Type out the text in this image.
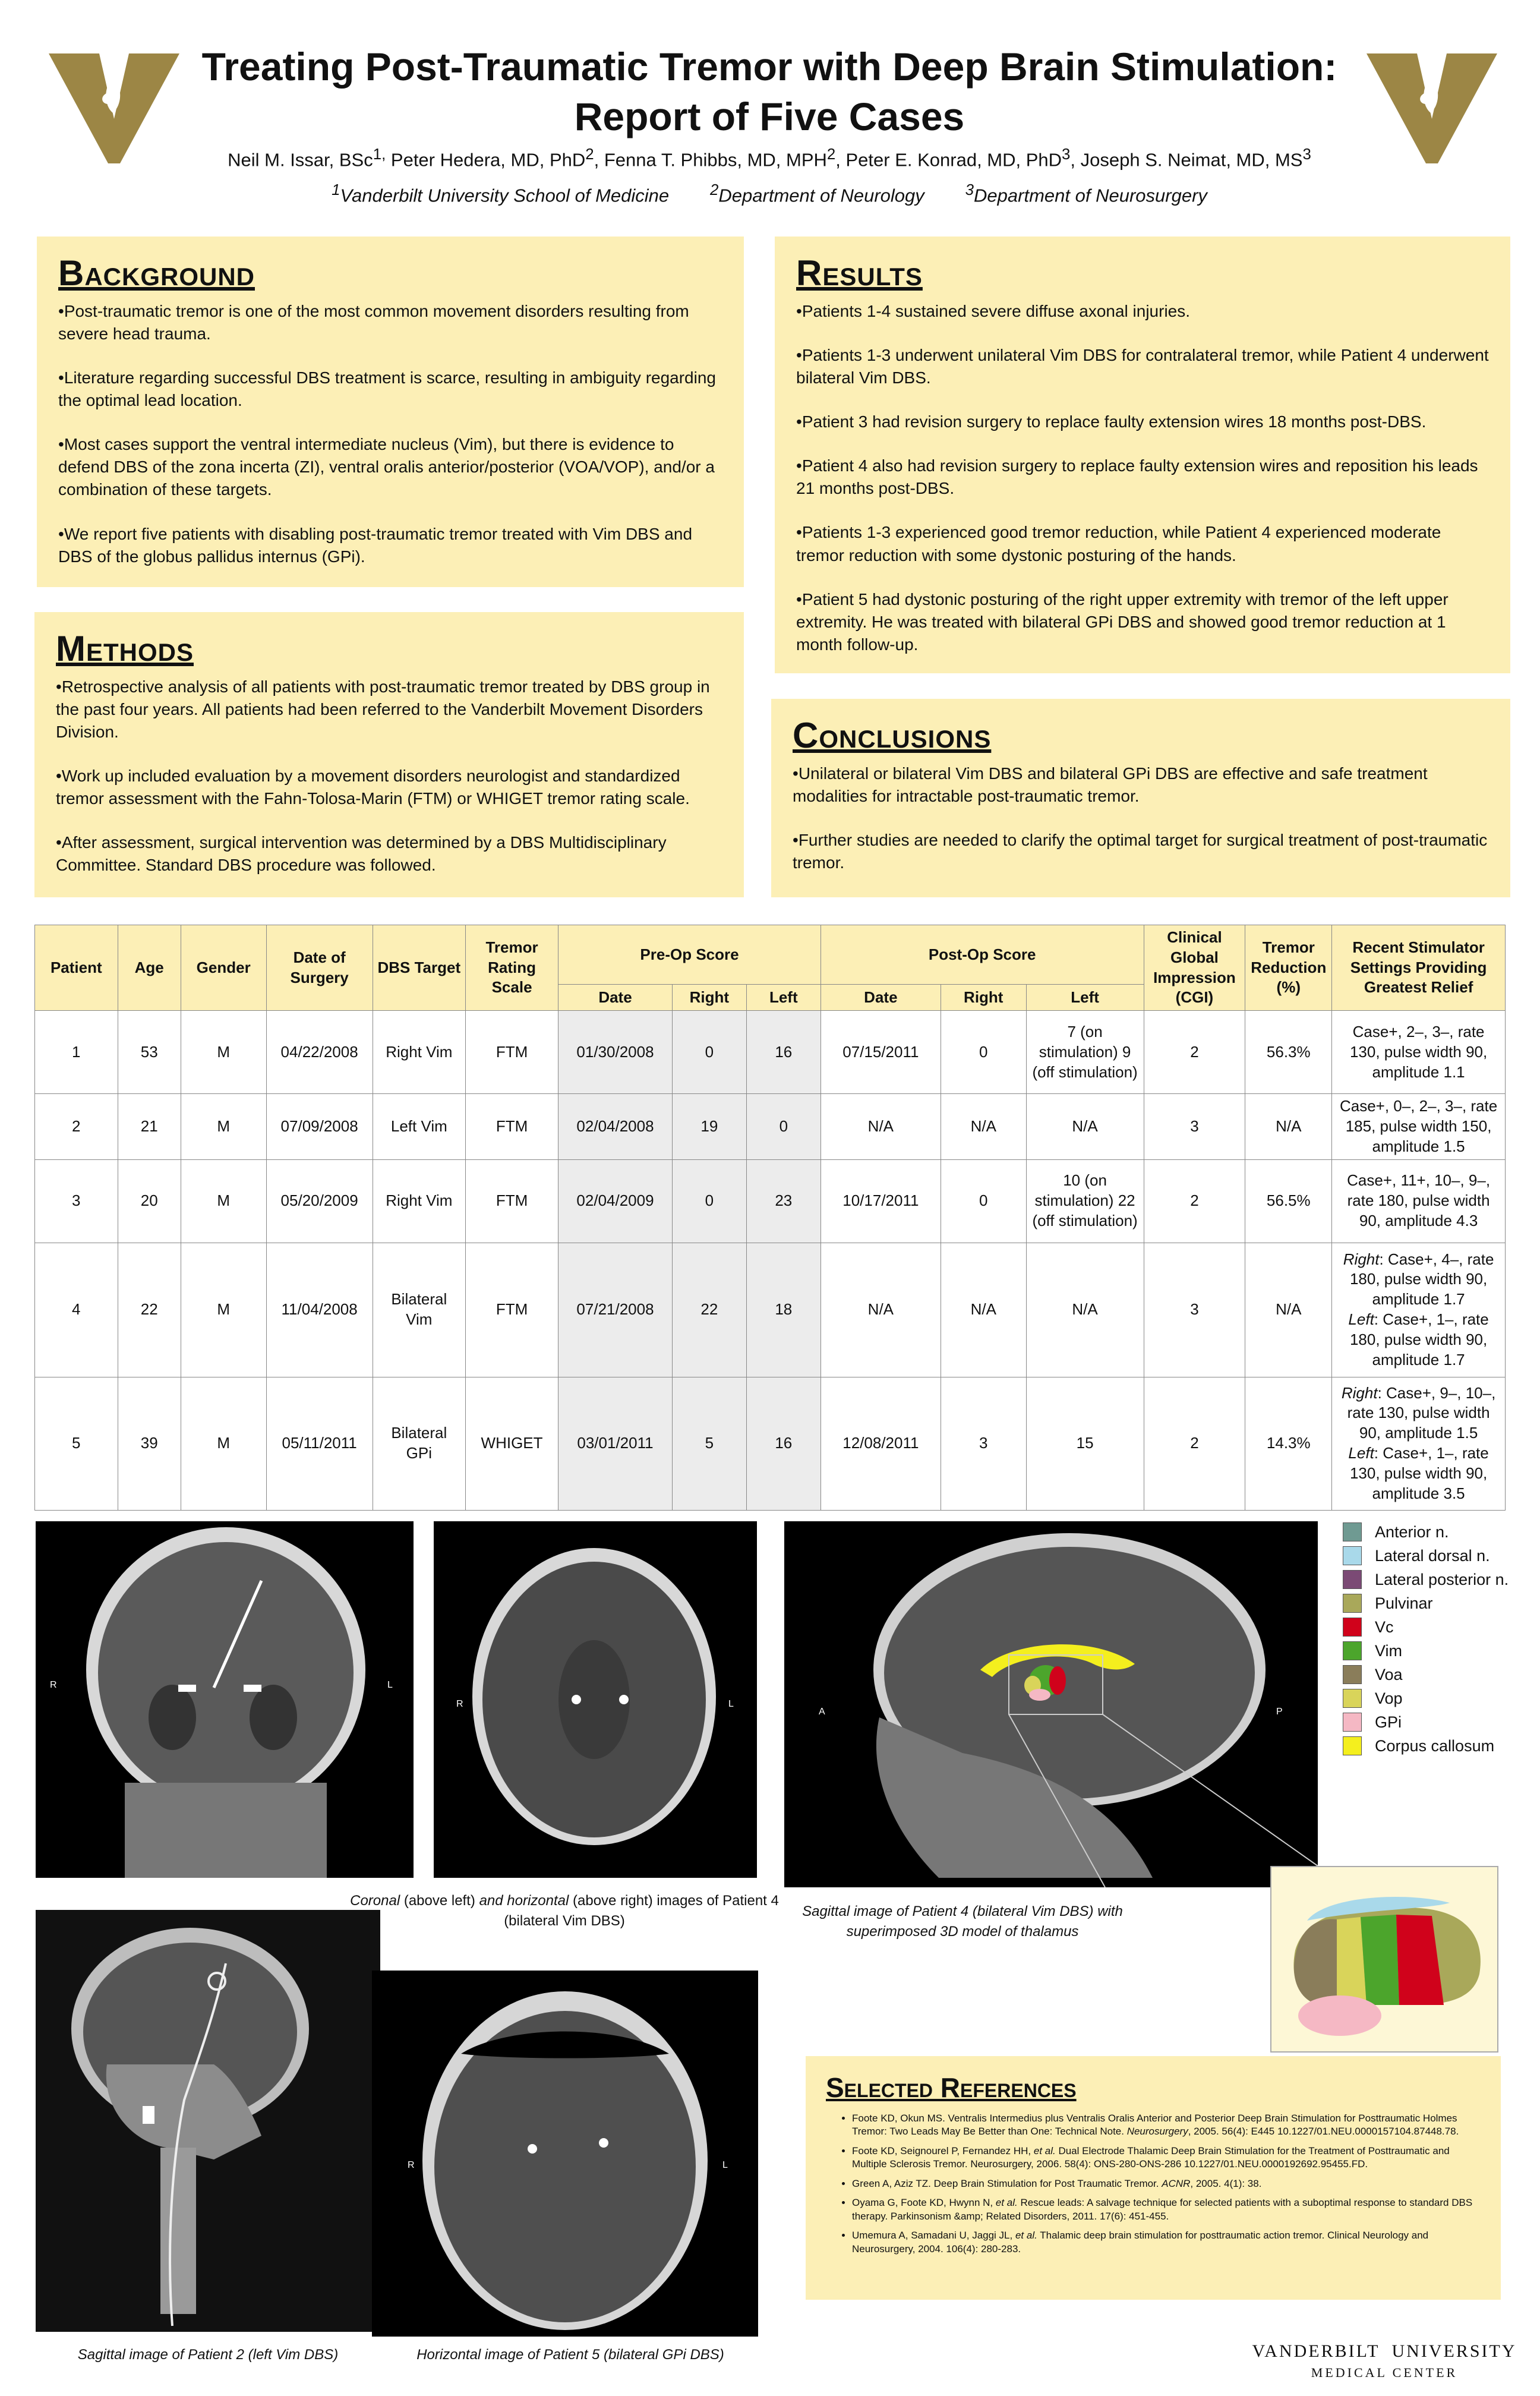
Treating Post-Traumatic Tremor with Deep Brain Stimulation:
Report of Five Cases
Neil M. Issar, BSc$^{1,}$ Peter Hedera, MD, PhD$^2$, Fenna T. Phibbs, MD, MPH$^2$, Peter E. Konrad, MD, PhD$^3$, Joseph S. Neimat, MD, $MS^3$
$^1$Vanderbilt University School of Medicine	$^2$Department of Neurology	$^3$Department of Neurosurgery
Background
• Post-traumatic tremor is one of the most common movement disorders resulting from severe head trauma.
• Literature regarding successful DBS treatment is scarce, resulting in ambiguity regarding the optimal lead location.
• Most cases support the ventral intermediate nucleus (Vim), but there is evidence to defend DBS of the zona incerta (ZI), ventral oralis anterior/posterior (VOA/VOP), and/or a combination of these targets.
• We report five patients with disabling post-traumatic tremor treated with Vim DBS and DBS of the globus pallidus internus (GPi).
Methods
• Retrospective analysis of all patients with post-traumatic tremor treated by DBS group in the past four years. All patients had been referred to the Vanderbilt Movement Disorders Division.
• Work up included evaluation by a movement disorders neurologist and standardized tremor assessment with the Fahn-Tolosa-Marin (FTM) or WHIGET tremor rating scale.
• After assessment, surgical intervention was determined by a DBS Multidisciplinary Committee. Standard DBS procedure was followed.
Results
• Patients 1-4 sustained severe diffuse axonal injuries.
• Patients 1-3 underwent unilateral Vim DBS for contralateral tremor, while Patient 4 underwent bilateral Vim DBS.
• Patient 3 had revision surgery to replace faulty extension wires 18 months post-DBS.
• Patient 4 also had revision surgery to replace faulty extension wires and reposition his leads 21 months post-DBS.
• Patients 1-3 experienced good tremor reduction, while Patient 4 experienced moderate tremor reduction with some dystonic posturing of the hands.
• Patient 5 had dystonic posturing of the right upper extremity with tremor of the left upper extremity. He was treated with bilateral GPi DBS and showed good tremor reduction at 1 month follow-up.
Conclusions
• Unilateral or bilateral Vim DBS and bilateral GPi DBS are effective and safe treatment modalities for intractable post-traumatic tremor.
• Further studies are needed to clarify the optimal target for surgical treatment of post-traumatic tremor.
Patient	Age	Gender	Date of Surgery	DBS Target	Tremor Rating Scale	Pre-Op Score			Post-Op Score			Clinical Global Impression (CGI)	Tremor Reduction (%)	Recent Stimulator Settings Providing Greatest Relief
						Date	Right	Left	Date	Right	Left			
1	53	M	04/22/2008	Right Vim	FTM	01/30/2008	0	16	07/15/2011	0	7 (on stimulation) 9 (off stimulation)	2	56.3%	Case+, 2–, 3–, rate 130, pulse width 90, amplitude 1.1
2	21	M	07/09/2008	Left Vim	FTM	02/04/2008	19	0	N/A	N/A	N/A	3	N/A	Case+, 0–, 2–, 3–, rate 185, pulse width 150, amplitude 1.5
3	20	M	05/20/2009	Right Vim	FTM	02/04/2009	0	23	10/17/2011	0	10 (on stimulation) 22 (off stimulation)	2	56.5%	Case+, 11+, 10–, 9–, rate 180, pulse width 90, amplitude 4.3
4	22	M	11/04/2008	Bilateral Vim	FTM	07/21/2008	22	18	N/A	N/A	N/A	3	N/A	Right: Case+, 4–, rate 180, pulse width 90, amplitude 1.7
Left: Case+, 1–, rate 180, pulse width 90, amplitude 1.7
5	39	M	05/11/2011	Bilateral GPi	WHIGET	03/01/2011	5	16	12/08/2011	3	15	2	14.3%	Right: Case+, 9–, 10–, rate 130, pulse width 90, amplitude 1.5
Left: Case+, 1–, rate 130, pulse width 90, amplitude 3.5
R	L
R	L
A	P
Anterior n.
Lateral dorsal n.
Lateral posterior n.
Pulvinar
Vc
Vim
Voa
Vop
GPi
Corpus callosum
Coronal (above left) and horizontal (above right) images of Patient 4 (bilateral Vim DBS)
Sagittal image of Patient 4 (bilateral Vim DBS) with superimposed 3D model of thalamus
R	L
Sagittal image of Patient 2 (left Vim DBS)	Horizontal image of Patient 5 (bilateral GPi DBS)
Selected References
• Foote KD, Okun MS. Ventralis Intermedius plus Ventralis Oralis Anterior and Posterior Deep Brain Stimulation for Posttraumatic Holmes Tremor: Two Leads May Be Better than One: Technical Note. Neurosurgery, 2005. 56(4): E445 10.1227/01.NEU.0000157104.87448.78.
• Foote KD, Seignourel P, Fernandez HH, et al. Dual Electrode Thalamic Deep Brain Stimulation for the Treatment of Posttraumatic and Multiple Sclerosis Tremor. Neurosurgery, 2006. 58(4): ONS-280-ONS-286 10.1227/01.NEU.0000192692.95455.FD.
• Green A, Aziz TZ. Deep Brain Stimulation for Post Traumatic Tremor. ACNR, 2005. 4(1): 38.
• Oyama G, Foote KD, Hwynn N, et al. Rescue leads: A salvage technique for selected patients with a suboptimal response to standard DBS therapy. Parkinsonism &amp; Related Disorders, 2011. 17(6): 451-455.
• Umemura A, Samadani U, Jaggi JL, et al. Thalamic deep brain stimulation for posttraumatic action tremor. Clinical Neurology and Neurosurgery, 2004. 106(4): 280-283.
VANDERBILT UNIVERSITY
MEDICAL CENTER
